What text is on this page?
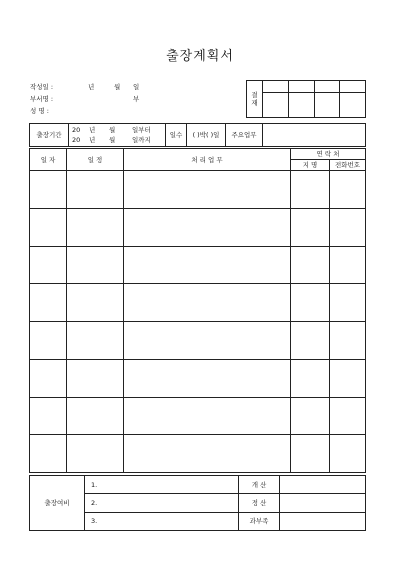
출장계획서
작성일 :	년	월 일
부서명 :	부
성 명 :
결
재				

출장기간	
20 년 월	일부터
20 년 월	일까지
	일수	( )박( )일	주요업무	
일 자	일 정	처 리 업 무	연 락 처	
			지 명	전화번호

출장여비	1.	개 산	
	2.	정 산	
	3.	과부족	
